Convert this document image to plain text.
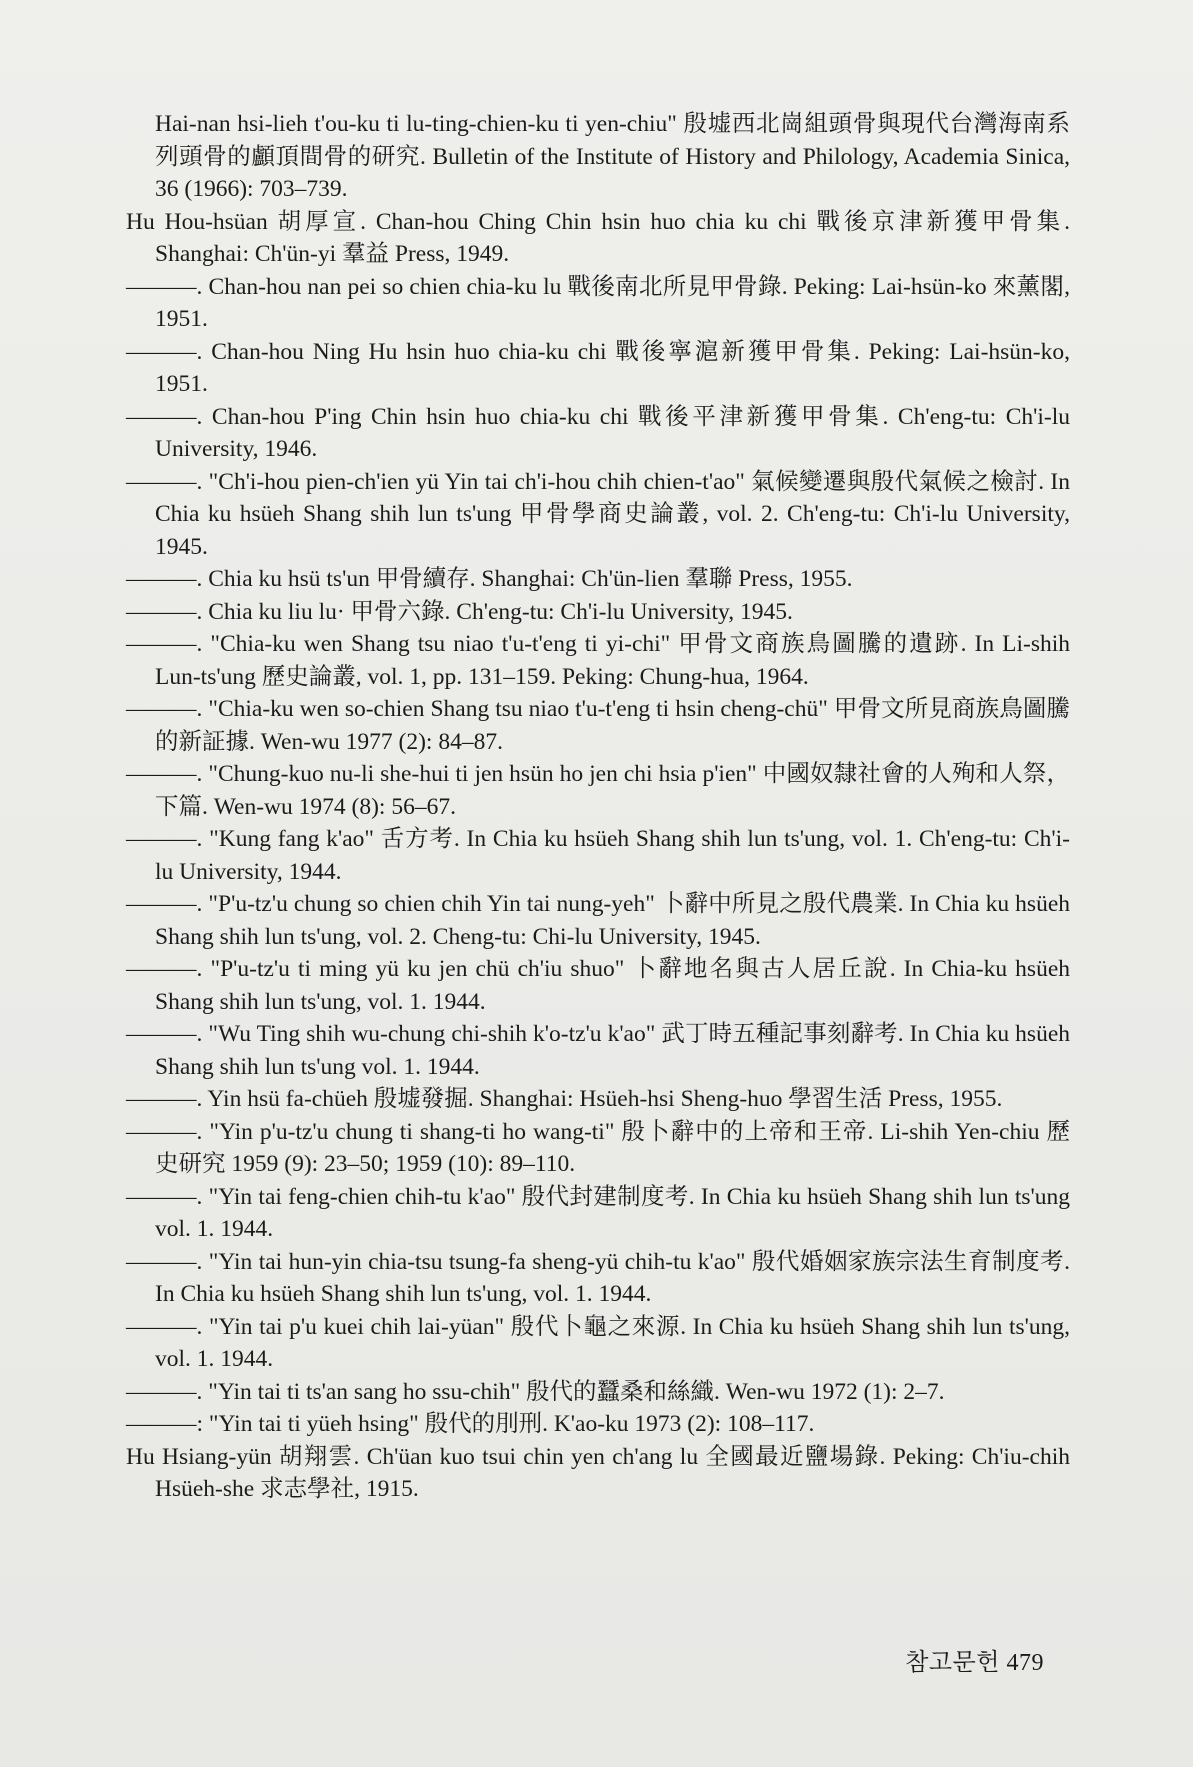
Hai-nan hsi-lieh t'ou-ku ti lu-ting-chien-ku ti yen-chiu" 殷墟西北崗組頭骨與現代台灣海南系列頭骨的顱頂間骨的研究. Bulletin of the Institute of History and Philology, Academia Sinica, 36 (1966): 703–739.

Hu Hou-hsüan 胡厚宣. Chan-hou Ching Chin hsin huo chia ku chi 戰後京津新獲甲骨集. Shanghai: Ch'ün-yi 羣益 Press, 1949.

———. Chan-hou nan pei so chien chia-ku lu 戰後南北所見甲骨錄. Peking: Lai-hsün-ko 來薰閣, 1951.

———. Chan-hou Ning Hu hsin huo chia-ku chi 戰後寧滬新獲甲骨集. Peking: Lai-hsün-ko, 1951.

———. Chan-hou P'ing Chin hsin huo chia-ku chi 戰後平津新獲甲骨集. Ch'eng-tu: Ch'i-lu University, 1946.

———. "Ch'i-hou pien-ch'ien yü Yin tai ch'i-hou chih chien-t'ao" 氣候變遷與殷代氣候之檢討. In Chia ku hsüeh Shang shih lun ts'ung 甲骨學商史論叢, vol. 2. Ch'eng-tu: Ch'i-lu University, 1945.

———. Chia ku hsü ts'un 甲骨續存. Shanghai: Ch'ün-lien 羣聯 Press, 1955.

———. Chia ku liu lu· 甲骨六錄. Ch'eng-tu: Ch'i-lu University, 1945.

———. "Chia-ku wen Shang tsu niao t'u-t'eng ti yi-chi" 甲骨文商族鳥圖騰的遺跡. In Li-shih Lun-ts'ung 歷史論叢, vol. 1, pp. 131–159. Peking: Chung-hua, 1964.

———. "Chia-ku wen so-chien Shang tsu niao t'u-t'eng ti hsin cheng-chü" 甲骨文所見商族鳥圖騰的新証據. Wen-wu 1977 (2): 84–87.

———. "Chung-kuo nu-li she-hui ti jen hsün ho jen chi hsia p'ien" 中國奴隸社會的人殉和人祭，下篇. Wen-wu 1974 (8): 56–67.

———. "Kung fang k'ao" 舌方考. In Chia ku hsüeh Shang shih lun ts'ung, vol. 1. Ch'eng-tu: Ch'i-lu University, 1944.

———. "P'u-tz'u chung so chien chih Yin tai nung-yeh" 卜辭中所見之殷代農業. In Chia ku hsüeh Shang shih lun ts'ung, vol. 2. Cheng-tu: Chi-lu University, 1945.

———. "P'u-tz'u ti ming yü ku jen chü ch'iu shuo" 卜辭地名與古人居丘說. In Chia-ku hsüeh Shang shih lun ts'ung, vol. 1. 1944.

———. "Wu Ting shih wu-chung chi-shih k'o-tz'u k'ao" 武丁時五種記事刻辭考. In Chia ku hsüeh Shang shih lun ts'ung vol. 1. 1944.

———. Yin hsü fa-chüeh 殷墟發掘. Shanghai: Hsüeh-hsi Sheng-huo 學習生活 Press, 1955.

———. "Yin p'u-tz'u chung ti shang-ti ho wang-ti" 殷卜辭中的上帝和王帝. Li-shih Yen-chiu 歷史研究 1959 (9): 23–50; 1959 (10): 89–110.

———. "Yin tai feng-chien chih-tu k'ao" 殷代封建制度考. In Chia ku hsüeh Shang shih lun ts'ung vol. 1. 1944.

———. "Yin tai hun-yin chia-tsu tsung-fa sheng-yü chih-tu k'ao" 殷代婚姻家族宗法生育制度考. In Chia ku hsüeh Shang shih lun ts'ung, vol. 1. 1944.

———. "Yin tai p'u kuei chih lai-yüan" 殷代卜龜之來源. In Chia ku hsüeh Shang shih lun ts'ung, vol. 1. 1944.

———. "Yin tai ti ts'an sang ho ssu-chih" 殷代的蠶桑和絲織. Wen-wu 1972 (1): 2–7.

———: "Yin tai ti yüeh hsing" 殷代的刖刑. K'ao-ku 1973 (2): 108–117.

Hu Hsiang-yün 胡翔雲. Ch'üan kuo tsui chin yen ch'ang lu 全國最近鹽場錄. Peking: Ch'iu-chih Hsüeh-she 求志學社, 1915.

참고문헌 479
